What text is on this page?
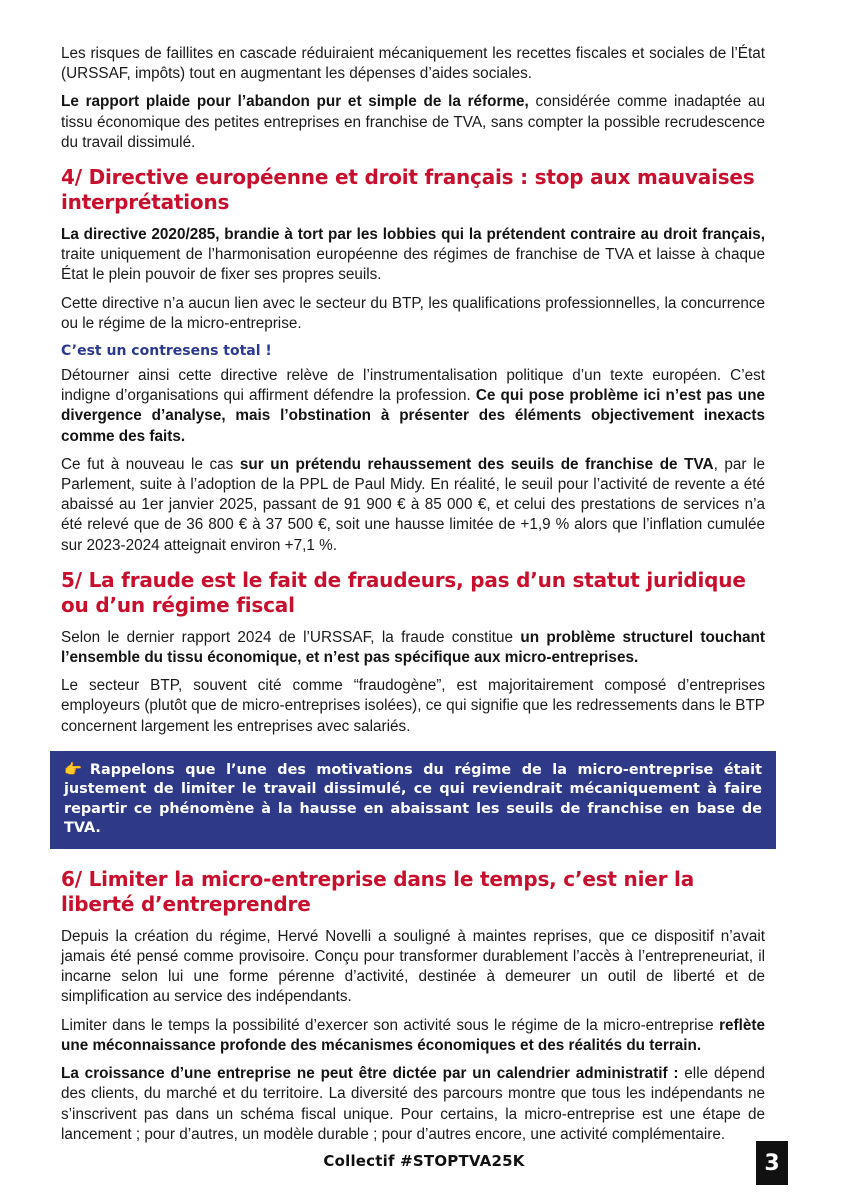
Les risques de faillites en cascade réduiraient mécaniquement les recettes fiscales et sociales de l’État (URSSAF, impôts) tout en augmentant les dépenses d’aides sociales.

Le rapport plaide pour l’abandon pur et simple de la réforme, considérée comme inadaptée au tissu économique des petites entreprises en franchise de TVA, sans compter la possible recrudescence du travail dissimulé.

4/ Directive européenne et droit français : stop aux mauvaises interprétations

La directive 2020/285, brandie à tort par les lobbies qui la prétendent contraire au droit français, traite uniquement de l’harmonisation européenne des régimes de franchise de TVA et laisse à chaque État le plein pouvoir de fixer ses propres seuils.

Cette directive n’a aucun lien avec le secteur du BTP, les qualifications professionnelles, la concurrence ou le régime de la micro-entreprise.

C’est un contresens total !

Détourner ainsi cette directive relève de l’instrumentalisation politique d’un texte européen. C’est indigne d’organisations qui affirment défendre la profession. Ce qui pose problème ici n’est pas une divergence d’analyse, mais l’obstination à présenter des éléments objectivement inexacts comme des faits.

Ce fut à nouveau le cas sur un prétendu rehaussement des seuils de franchise de TVA, par le Parlement, suite à l’adoption de la PPL de Paul Midy. En réalité, le seuil pour l’activité de revente a été abaissé au 1er janvier 2025, passant de 91 900 € à 85 000 €, et celui des prestations de services n’a été relevé que de 36 800 € à 37 500 €, soit une hausse limitée de +1,9 % alors que l’inflation cumulée sur 2023-2024 atteignait environ +7,1 %.

5/ La fraude est le fait de fraudeurs, pas d’un statut juridique ou d’un régime fiscal

Selon le dernier rapport 2024 de l’URSSAF, la fraude constitue un problème structurel touchant l’ensemble du tissu économique, et n’est pas spécifique aux micro-entreprises.

Le secteur BTP, souvent cité comme “fraudogène”, est majoritairement composé d’entreprises employeurs (plutôt que de micro-entreprises isolées), ce qui signifie que les redressements dans le BTP concernent largement les entreprises avec salariés.

👉 Rappelons que l’une des motivations du régime de la micro-entreprise était justement de limiter le travail dissimulé, ce qui reviendrait mécaniquement à faire repartir ce phénomène à la hausse en abaissant les seuils de franchise en base de TVA.
6/ Limiter la micro-entreprise dans le temps, c’est nier la liberté d’entreprendre

Depuis la création du régime, Hervé Novelli a souligné à maintes reprises, que ce dispositif n’avait jamais été pensé comme provisoire. Conçu pour transformer durablement l’accès à l’entrepreneuriat, il incarne selon lui une forme pérenne d’activité, destinée à demeurer un outil de liberté et de simplification au service des indépendants.

Limiter dans le temps la possibilité d’exercer son activité sous le régime de la micro-entreprise reflète une méconnaissance profonde des mécanismes économiques et des réalités du terrain.

La croissance d’une entreprise ne peut être dictée par un calendrier administratif : elle dépend des clients, du marché et du territoire. La diversité des parcours montre que tous les indépendants ne s’inscrivent pas dans un schéma fiscal unique. Pour certains, la micro-entreprise est une étape de lancement ; pour d’autres, un modèle durable ; pour d’autres encore, une activité complémentaire.

Collectif #STOPTVA25K	3
